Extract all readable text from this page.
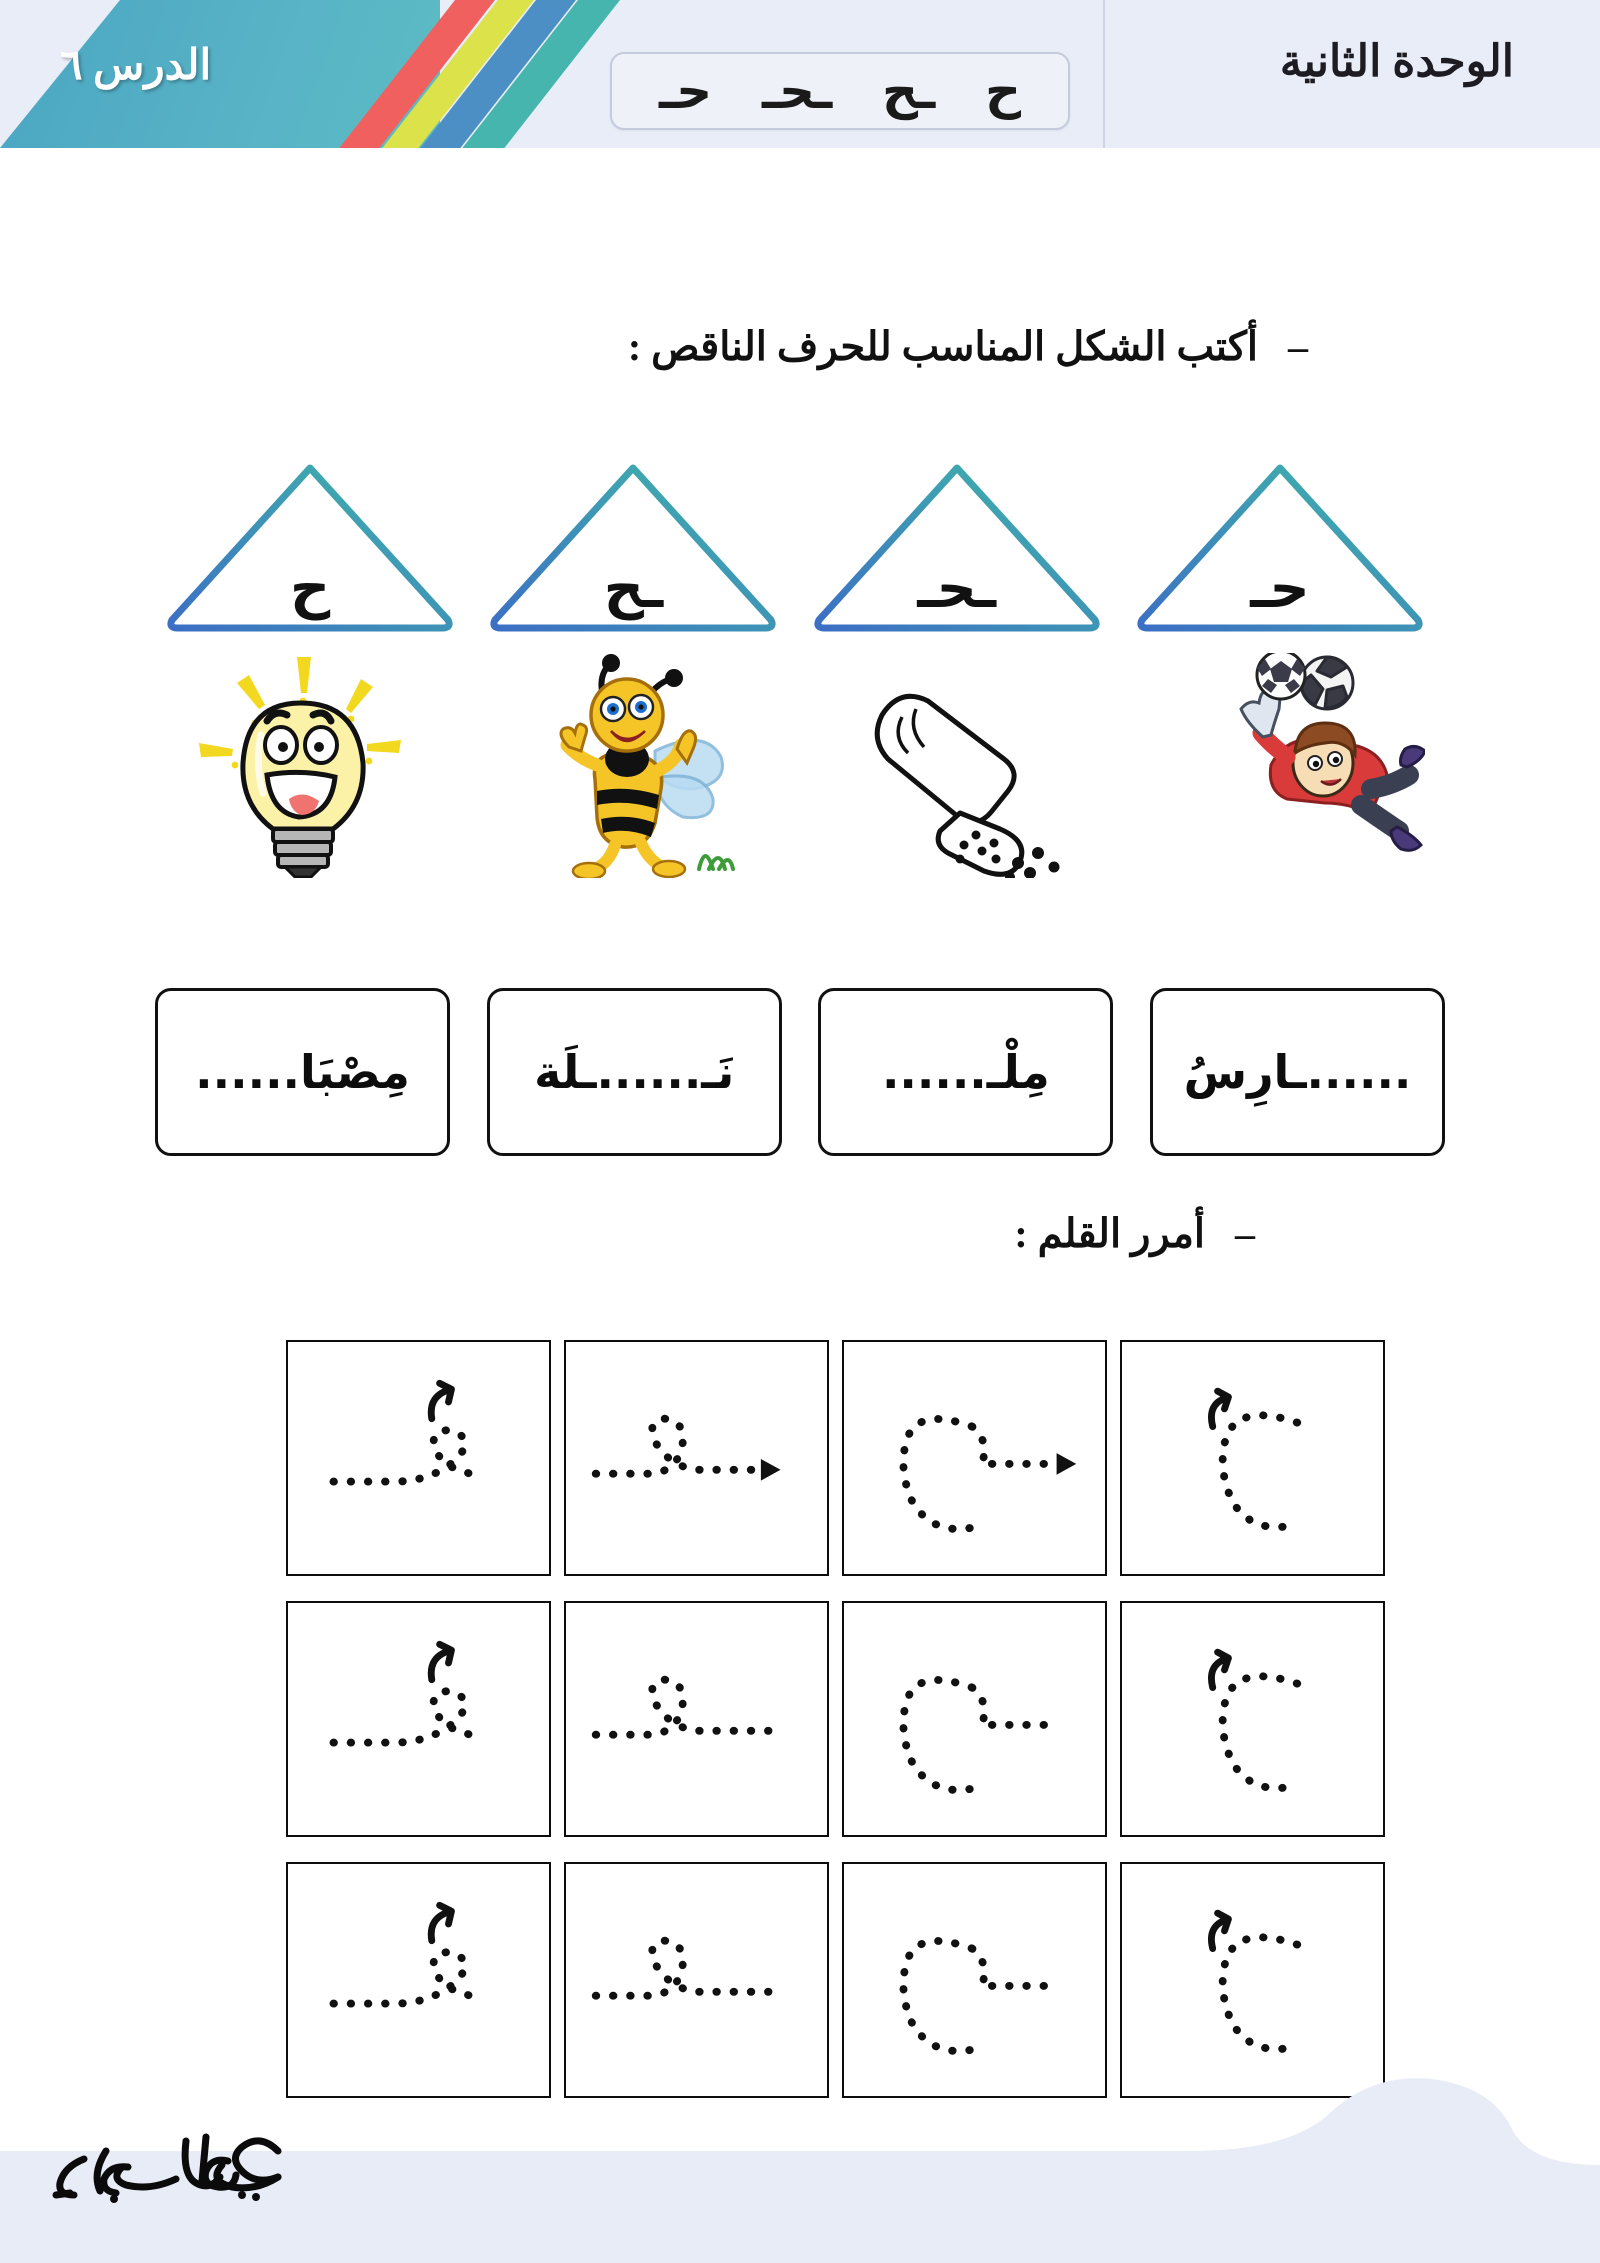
الدرس ٦	ح
ـح
ـحـ
حـ
الوحدة الثانية
–
أكتب الشكل المناسب للحرف الناقص :
حـ
ـحـ
ـح
ح
......ـارِسُ
مِلْـ......
نَـ......ـلَة
مِصْبَا......
–
أمرر القلم :
